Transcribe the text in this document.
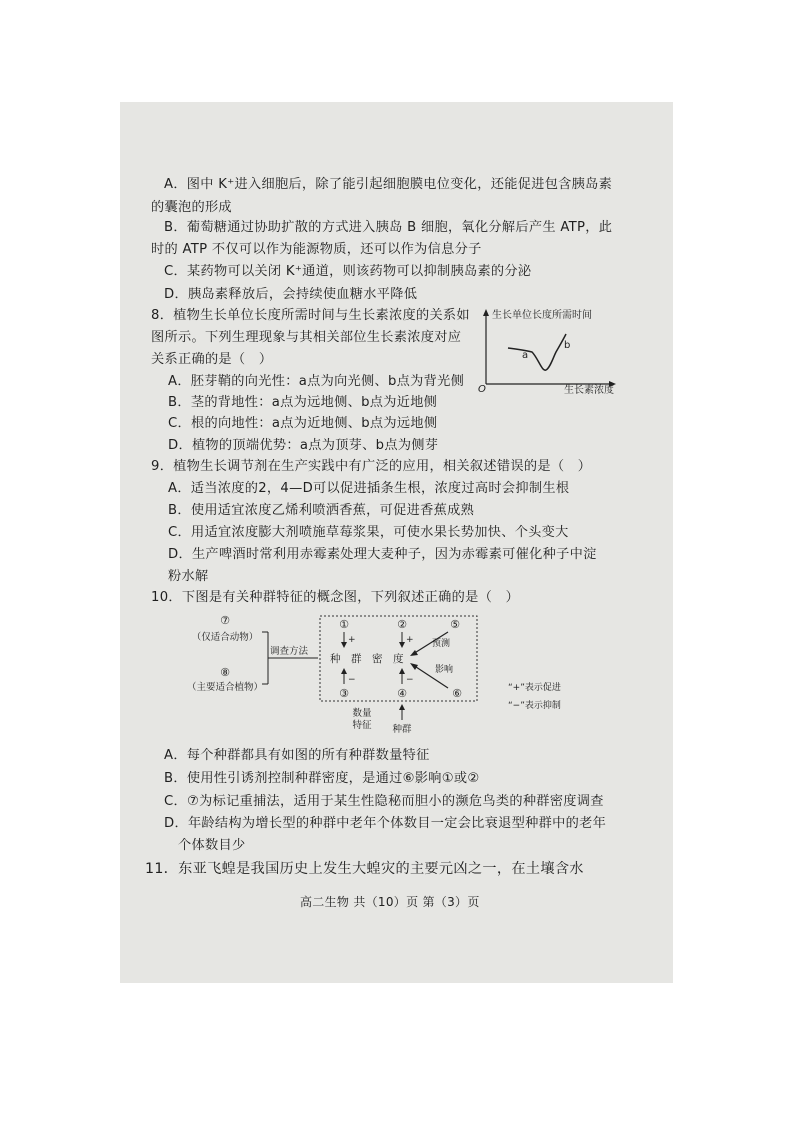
A．图中 K⁺进入细胞后，除了能引起细胞膜电位变化，还能促进包含胰岛素
的囊泡的形成
B．葡萄糖通过协助扩散的方式进入胰岛 B 细胞，氧化分解后产生 ATP，此
时的 ATP 不仅可以作为能源物质，还可以作为信息分子
C．某药物可以关闭 K⁺通道，则该药物可以抑制胰岛素的分泌
D．胰岛素释放后，会持续使血糖水平降低
8．植物生长单位长度所需时间与生长素浓度的关系如
图所示。下列生理现象与其相关部位生长素浓度对应
关系正确的是（　）
A．胚芽鞘的向光性：a点为向光侧、b点为背光侧
B．茎的背地性：a点为远地侧、b点为近地侧
C．根的向地性：a点为近地侧、b点为远地侧
D．植物的顶端优势：a点为顶芽、b点为侧芽
生长单位长度所需时间
生长素浓度
O
a
b
9．植物生长调节剂在生产实践中有广泛的应用，相关叙述错误的是（　）
A．适当浓度的2，4—D可以促进插条生根，浓度过高时会抑制生根
B．使用适宜浓度乙烯利喷洒香蕉，可促进香蕉成熟
C．用适宜浓度膨大剂喷施草莓浆果，可使水果长势加快、个头变大
D．生产啤酒时常利用赤霉素处理大麦种子，因为赤霉素可催化种子中淀
粉水解
10．下图是有关种群特征的概念图，下列叙述正确的是（　）
⑦
（仅适合动物）
⑧
（主要适合植物）
调查方法
①	②	⑤
+	+
种　群　密　度
预测
影响
−	−
③	④	⑥
数量
特征 种群
“+”表示促进
“−”表示抑制
A．每个种群都具有如图的所有种群数量特征
B．使用性引诱剂控制种群密度，是通过⑥影响①或②
C．⑦为标记重捕法，适用于某生性隐秘而胆小的濒危鸟类的种群密度调查
D．年龄结构为增长型的种群中老年个体数目一定会比衰退型种群中的老年
个体数目少
11．东亚飞蝗是我国历史上发生大蝗灾的主要元凶之一，在土壤含水
高二生物 共（10）页 第（3）页
